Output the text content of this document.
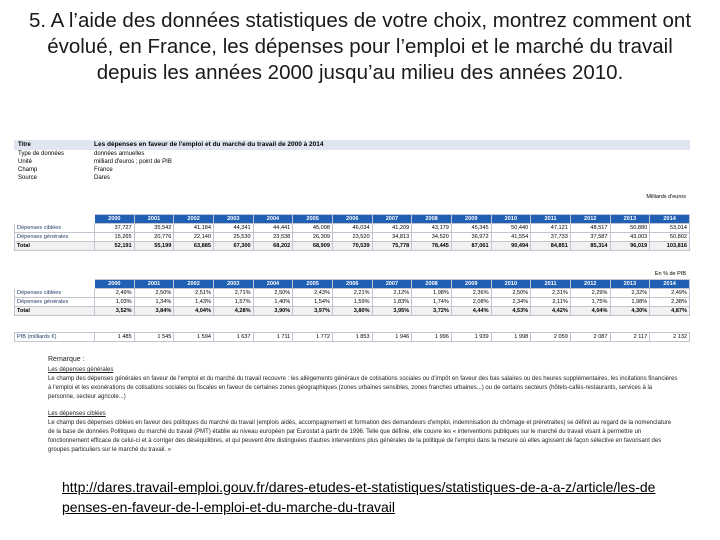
5. A l’aide des données statistiques de votre choix, montrez comment ont évolué, en France, les dépenses pour l’emploi et le marché du travail depuis les années 2000 jusqu’au milieu des années 2010.
Titre	Les dépenses en faveur de l'emploi et du marché du travail de 2000 à 2014
Type de données	données annuelles
Unité	milliard d'euros ; point de PIB
Champ	France
Source	Dares
Milliards d'euros
	2000	2001	2002	2003	2004	2005	2006	2007	2008	2009	2010	2011	2012	2013	2014
Dépenses ciblées	37,727	35,542	41,184	44,341	44,441	45,098	46,034	41,209	43,179	45,345	50,440	47,121	48,517	50,880	53,014
Dépenses générales	15,265	20,776	22,140	25,530	23,538	26,309	23,520	34,813	34,520	36,972	41,554	37,733	37,587	43,003	50,802
Total	52,191	55,199	63,885	67,300	68,202	68,909	70,539	75,778	78,445	87,061	90,494	84,851	85,314	96,019	103,816
En % de PIB
	2000	2001	2002	2003	2004	2005	2006	2007	2008	2009	2010	2011	2012	2013	2014
Dépenses ciblées	2,49%	2,50%	2,51%	2,71%	2,50%	2,43%	2,21%	2,12%	1,98%	2,36%	2,50%	2,31%	2,29%	2,32%	2,49%
Dépenses générales	1,03%	1,34%	1,43%	1,57%	1,40%	1,54%	1,59%	1,83%	1,74%	2,08%	2,34%	2,11%	1,75%	1,98%	2,38%
Total	3,52%	3,84%	4,04%	4,28%	3,90%	3,97%	3,80%	3,95%	3,72%	4,44%	4,53%	4,42%	4,04%	4,30%	4,87%
PIB (milliards €)	1 485	1 545	1 594	1 637	1 711	1 772	1 853	1 946	1 996	1 939	1 998	2 059	2 087	2 117	2 132
Remarque :
Les dépenses générales

Le champ des dépenses générales en faveur de l'emploi et du marché du travail recouvre : les allègements généraux de cotisations sociales ou d'impôt en faveur des bas salaires ou des heures supplémentaires, les incitations financières à l'emploi et les exonérations de cotisations sociales ou fiscales en faveur de certaines zones géographiques (zones urbaines sensibles, zones franches urbaines...) ou de certains secteurs (hôtels-cafés-restaurants, services à la personne, secteur agricole...)

Les dépenses ciblées

Le champ des dépenses ciblées en faveur des politiques du marché du travail (emplois aidés, accompagnement et formation des demandeurs d'emploi, indemnisation du chômage et préretraites) se définit au regard de la nomenclature de la base de données Politiques du marché du travail (PMT) établie au niveau européen par Eurostat à partir de 1996. Telle que définie, elle couvre les « interventions publiques sur le marché du travail visant à permettre un fonctionnement efficace de celui-ci et à corriger des déséquilibres, et qui peuvent être distinguées d'autres interventions plus générales de la politique de l'emploi dans la mesure où elles agissent de façon sélective en favorisant des groupes particuliers sur le marché du travail. »

http://dares.travail-emploi.gouv.fr/dares-etudes-et-statistiques/statistiques-de-a-a-z/article/les-depenses-en-faveur-de-l-emploi-et-du-marche-du-travail
